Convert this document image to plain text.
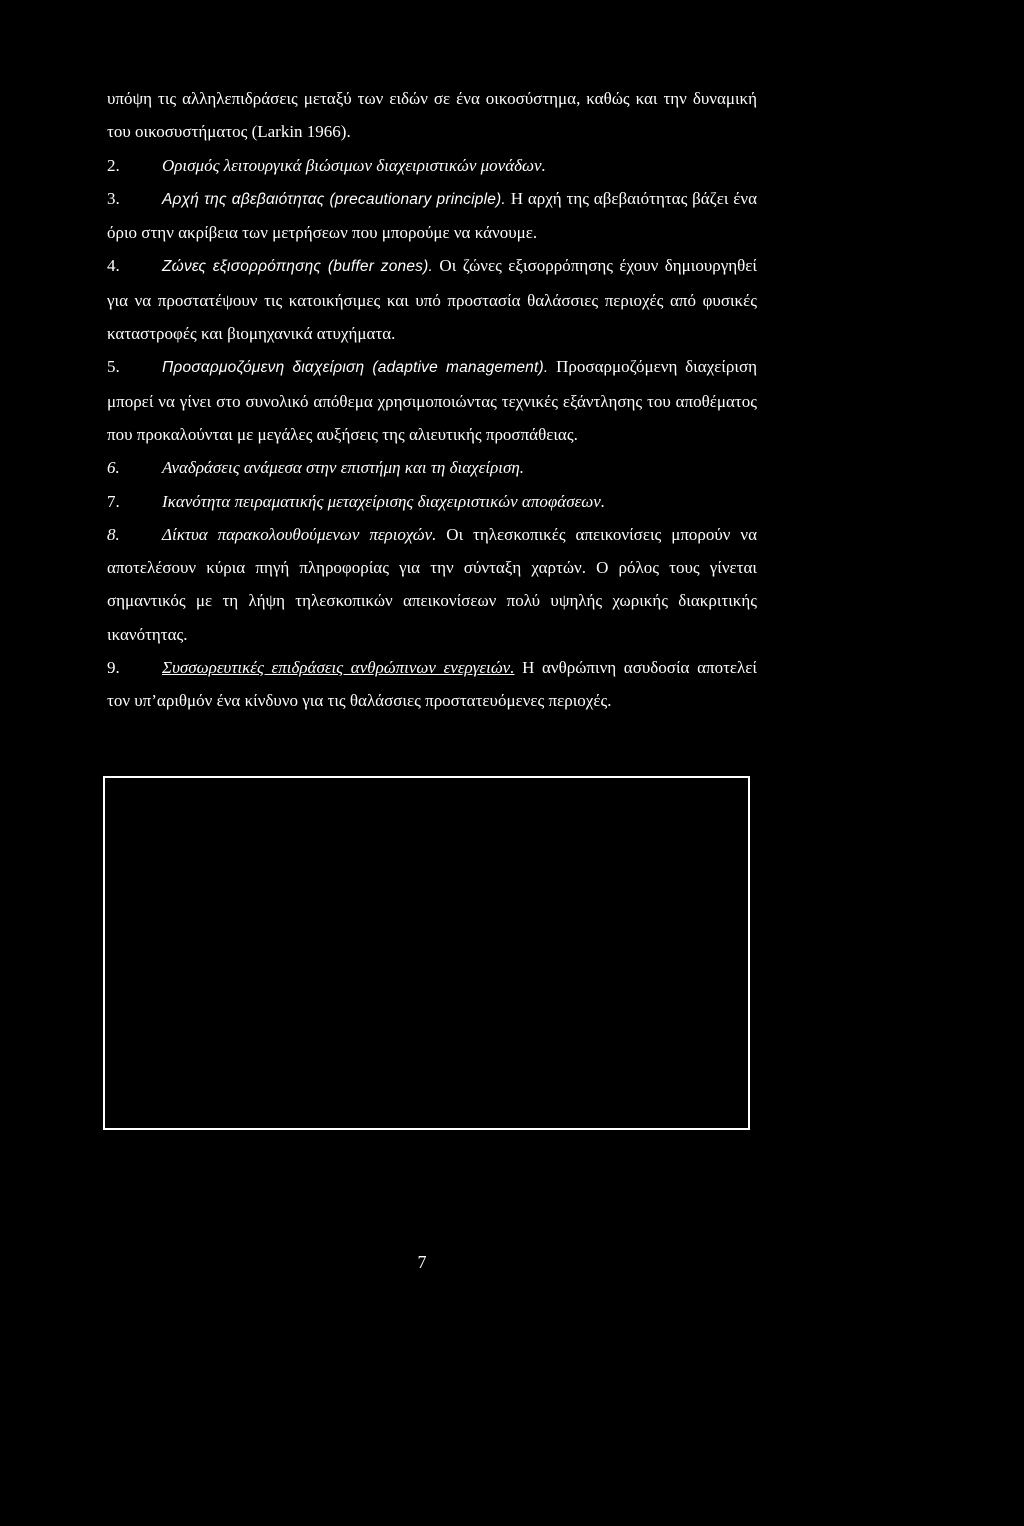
υπόψη τις αλληλεπιδράσεις μεταξύ των ειδών σε ένα οικοσύστημα, καθώς και την δυναμική του οικοσυστήματος (Larkin 1966).

2. Ορισμός λειτουργικά βιώσιμων διαχειριστικών μονάδων.

3.	Αρχή της αβεβαιότητας (precautionary principle). Η αρχή της αβεβαιότητας βάζει ένα όριο στην ακρίβεια των μετρήσεων που μπορούμε να κάνουμε.

4.	Ζώνες εξισορρόπησης (buffer zones). Οι ζώνες εξισορρόπησης έχουν δημιουργηθεί για να προστατέψουν τις κατοικήσιμες και υπό προστασία θαλάσσιες περιοχές από φυσικές καταστροφές και βιομηχανικά ατυχήματα.

5.	Προσαρμοζόμενη διαχείριση (adaptive management). Προσαρμοζόμενη διαχείριση μπορεί να γίνει στο συνολικό απόθεμα χρησιμοποιώντας τεχνικές εξάντλησης του αποθέματος που προκαλούνται με μεγάλες αυξήσεις της αλιευτικής προσπάθειας.

6. Αναδράσεις ανάμεσα στην επιστήμη και τη διαχείριση.

7. Ικανότητα πειραματικής μεταχείρισης διαχειριστικών αποφάσεων.

8. Δίκτυα παρακολουθούμενων περιοχών. Οι τηλεσκοπικές απεικονίσεις μπορούν να αποτελέσουν κύρια πηγή πληροφορίας για την σύνταξη χαρτών. Ο ρόλος τους γίνεται σημαντικός με τη λήψη τηλεσκοπικών απεικονίσεων πολύ υψηλής χωρικής διακριτικής ικανότητας.

9. Συσσωρευτικές επιδράσεις ανθρώπινων ενεργειών. Η ανθρώπινη ασυδοσία αποτελεί τον υπ’αριθμόν ένα κίνδυνο για τις θαλάσσιες προστατευόμενες περιοχές.

7
